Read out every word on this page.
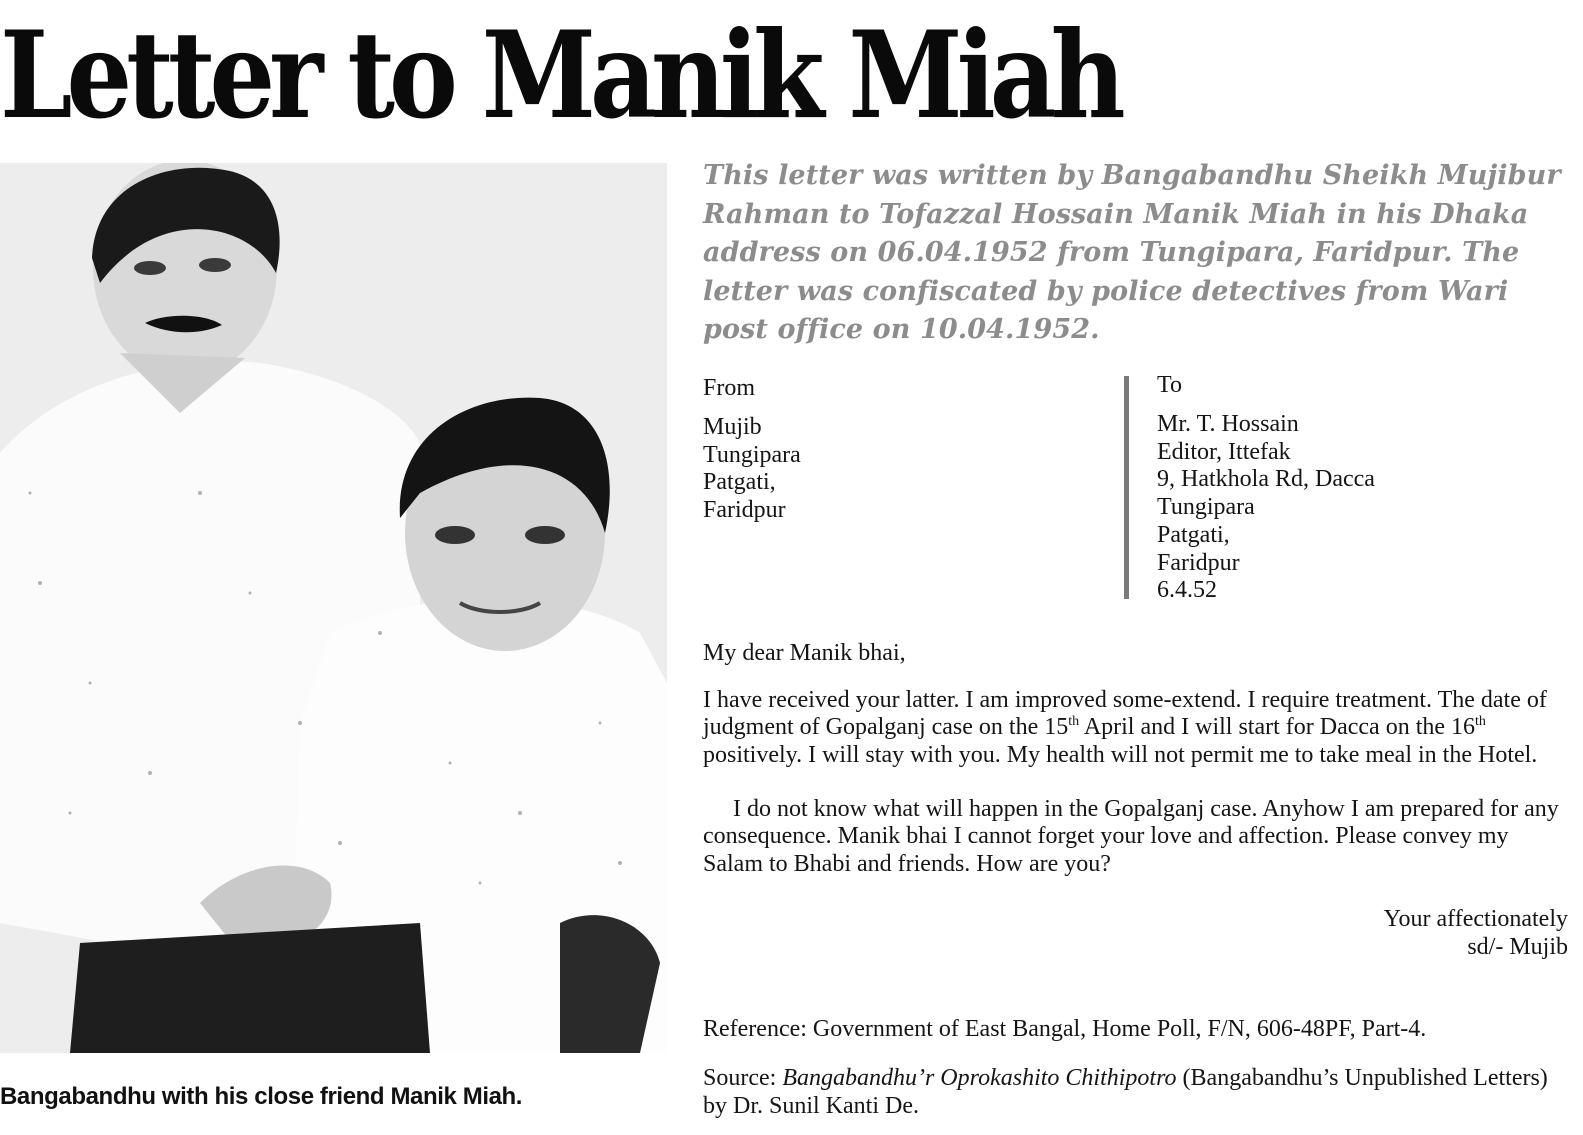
Letter to Manik Miah
Bangabandhu with his close friend Manik Miah.

This letter was written by Bangabandhu Sheikh Mujibur Rahman to Tofazzal Hossain Manik Miah in his Dhaka address on 06.04.1952 from Tungipara, Faridpur. The letter was confiscated by police detectives from Wari post office on 10.04.1952.

From
Mujib
Tungipara
Patgati,
Faridpur
To
Mr. T. Hossain
Editor, Ittefak
9, Hatkhola Rd, Dacca
Tungipara
Patgati,
Faridpur
6.4.52
My dear Manik bhai,

I have received your latter. I am improved some-extend. I require treatment. The date of judgment of Gopalganj case on the 15th April and I will start for Dacca on the 16th positively. I will stay with you. My health will not permit me to take meal in the Hotel.

I do not know what will happen in the Gopalganj case. Anyhow I am prepared for any consequence. Manik bhai I cannot forget your love and affection. Please convey my Salam to Bhabi and friends. How are you?

Your affectionately
sd/- Mujib
Reference: Government of East Bangal, Home Poll, F/N, 606-48PF, Part-4.

Source: Bangabandhu’r Oprokashito Chithipotro (Bangabandhu’s Unpublished Letters) by Dr. Sunil Kanti De.
